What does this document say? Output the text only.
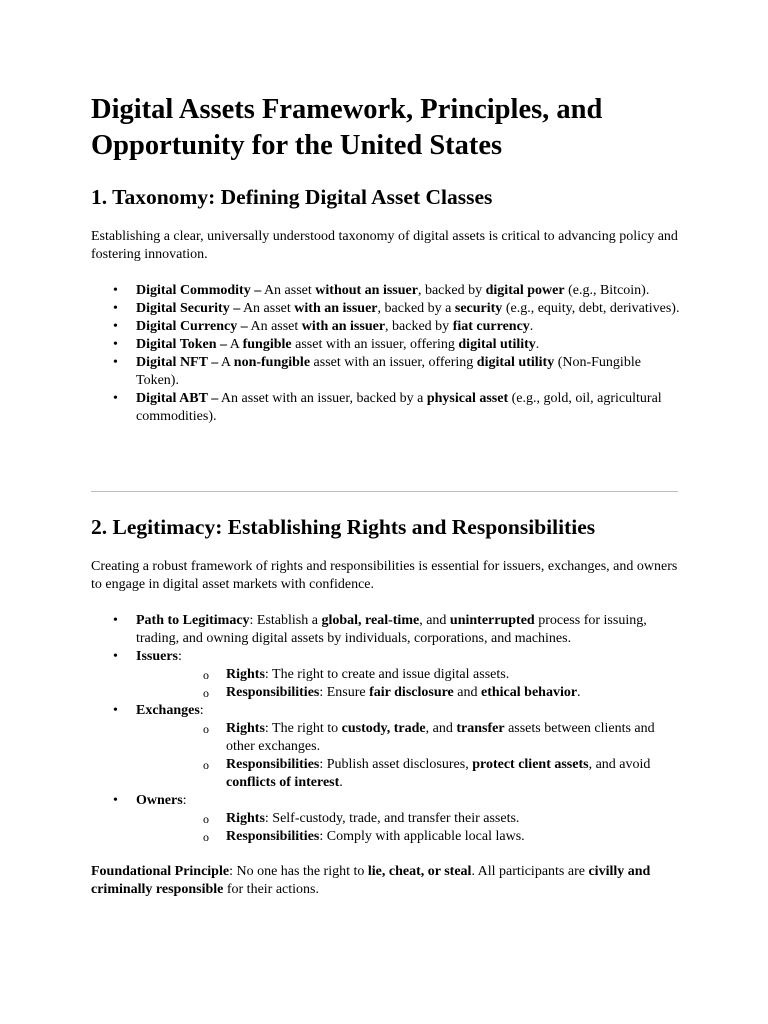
Digital Assets Framework, Principles, and Opportunity for the United States
1. Taxonomy: Defining Digital Asset Classes

Establishing a clear, universally understood taxonomy of digital assets is critical to advancing policy and fostering innovation.

• Digital Commodity – An asset without an issuer, backed by digital power (e.g., Bitcoin).
• Digital Security – An asset with an issuer, backed by a security (e.g., equity, debt, derivatives).
• Digital Currency – An asset with an issuer, backed by fiat currency.
• Digital Token – A fungible asset with an issuer, offering digital utility.
• Digital NFT – A non-fungible asset with an issuer, offering digital utility (Non-Fungible Token).
• Digital ABT – An asset with an issuer, backed by a physical asset (e.g., gold, oil, agricultural commodities).
2. Legitimacy: Establishing Rights and Responsibilities

Creating a robust framework of rights and responsibilities is essential for issuers, exchanges, and owners to engage in digital asset markets with confidence.

• Path to Legitimacy: Establish a global, real-time, and uninterrupted process for issuing, trading, and owning digital assets by individuals, corporations, and machines.
• Issuers:
o Rights: The right to create and issue digital assets.
o Responsibilities: Ensure fair disclosure and ethical behavior.
• Exchanges:
o Rights: The right to custody, trade, and transfer assets between clients and other exchanges.
o Responsibilities: Publish asset disclosures, protect client assets, and avoid conflicts of interest.
• Owners:
o Rights: Self-custody, trade, and transfer their assets.
o Responsibilities: Comply with applicable local laws.

Foundational Principle: No one has the right to lie, cheat, or steal. All participants are civilly and criminally responsible for their actions.
